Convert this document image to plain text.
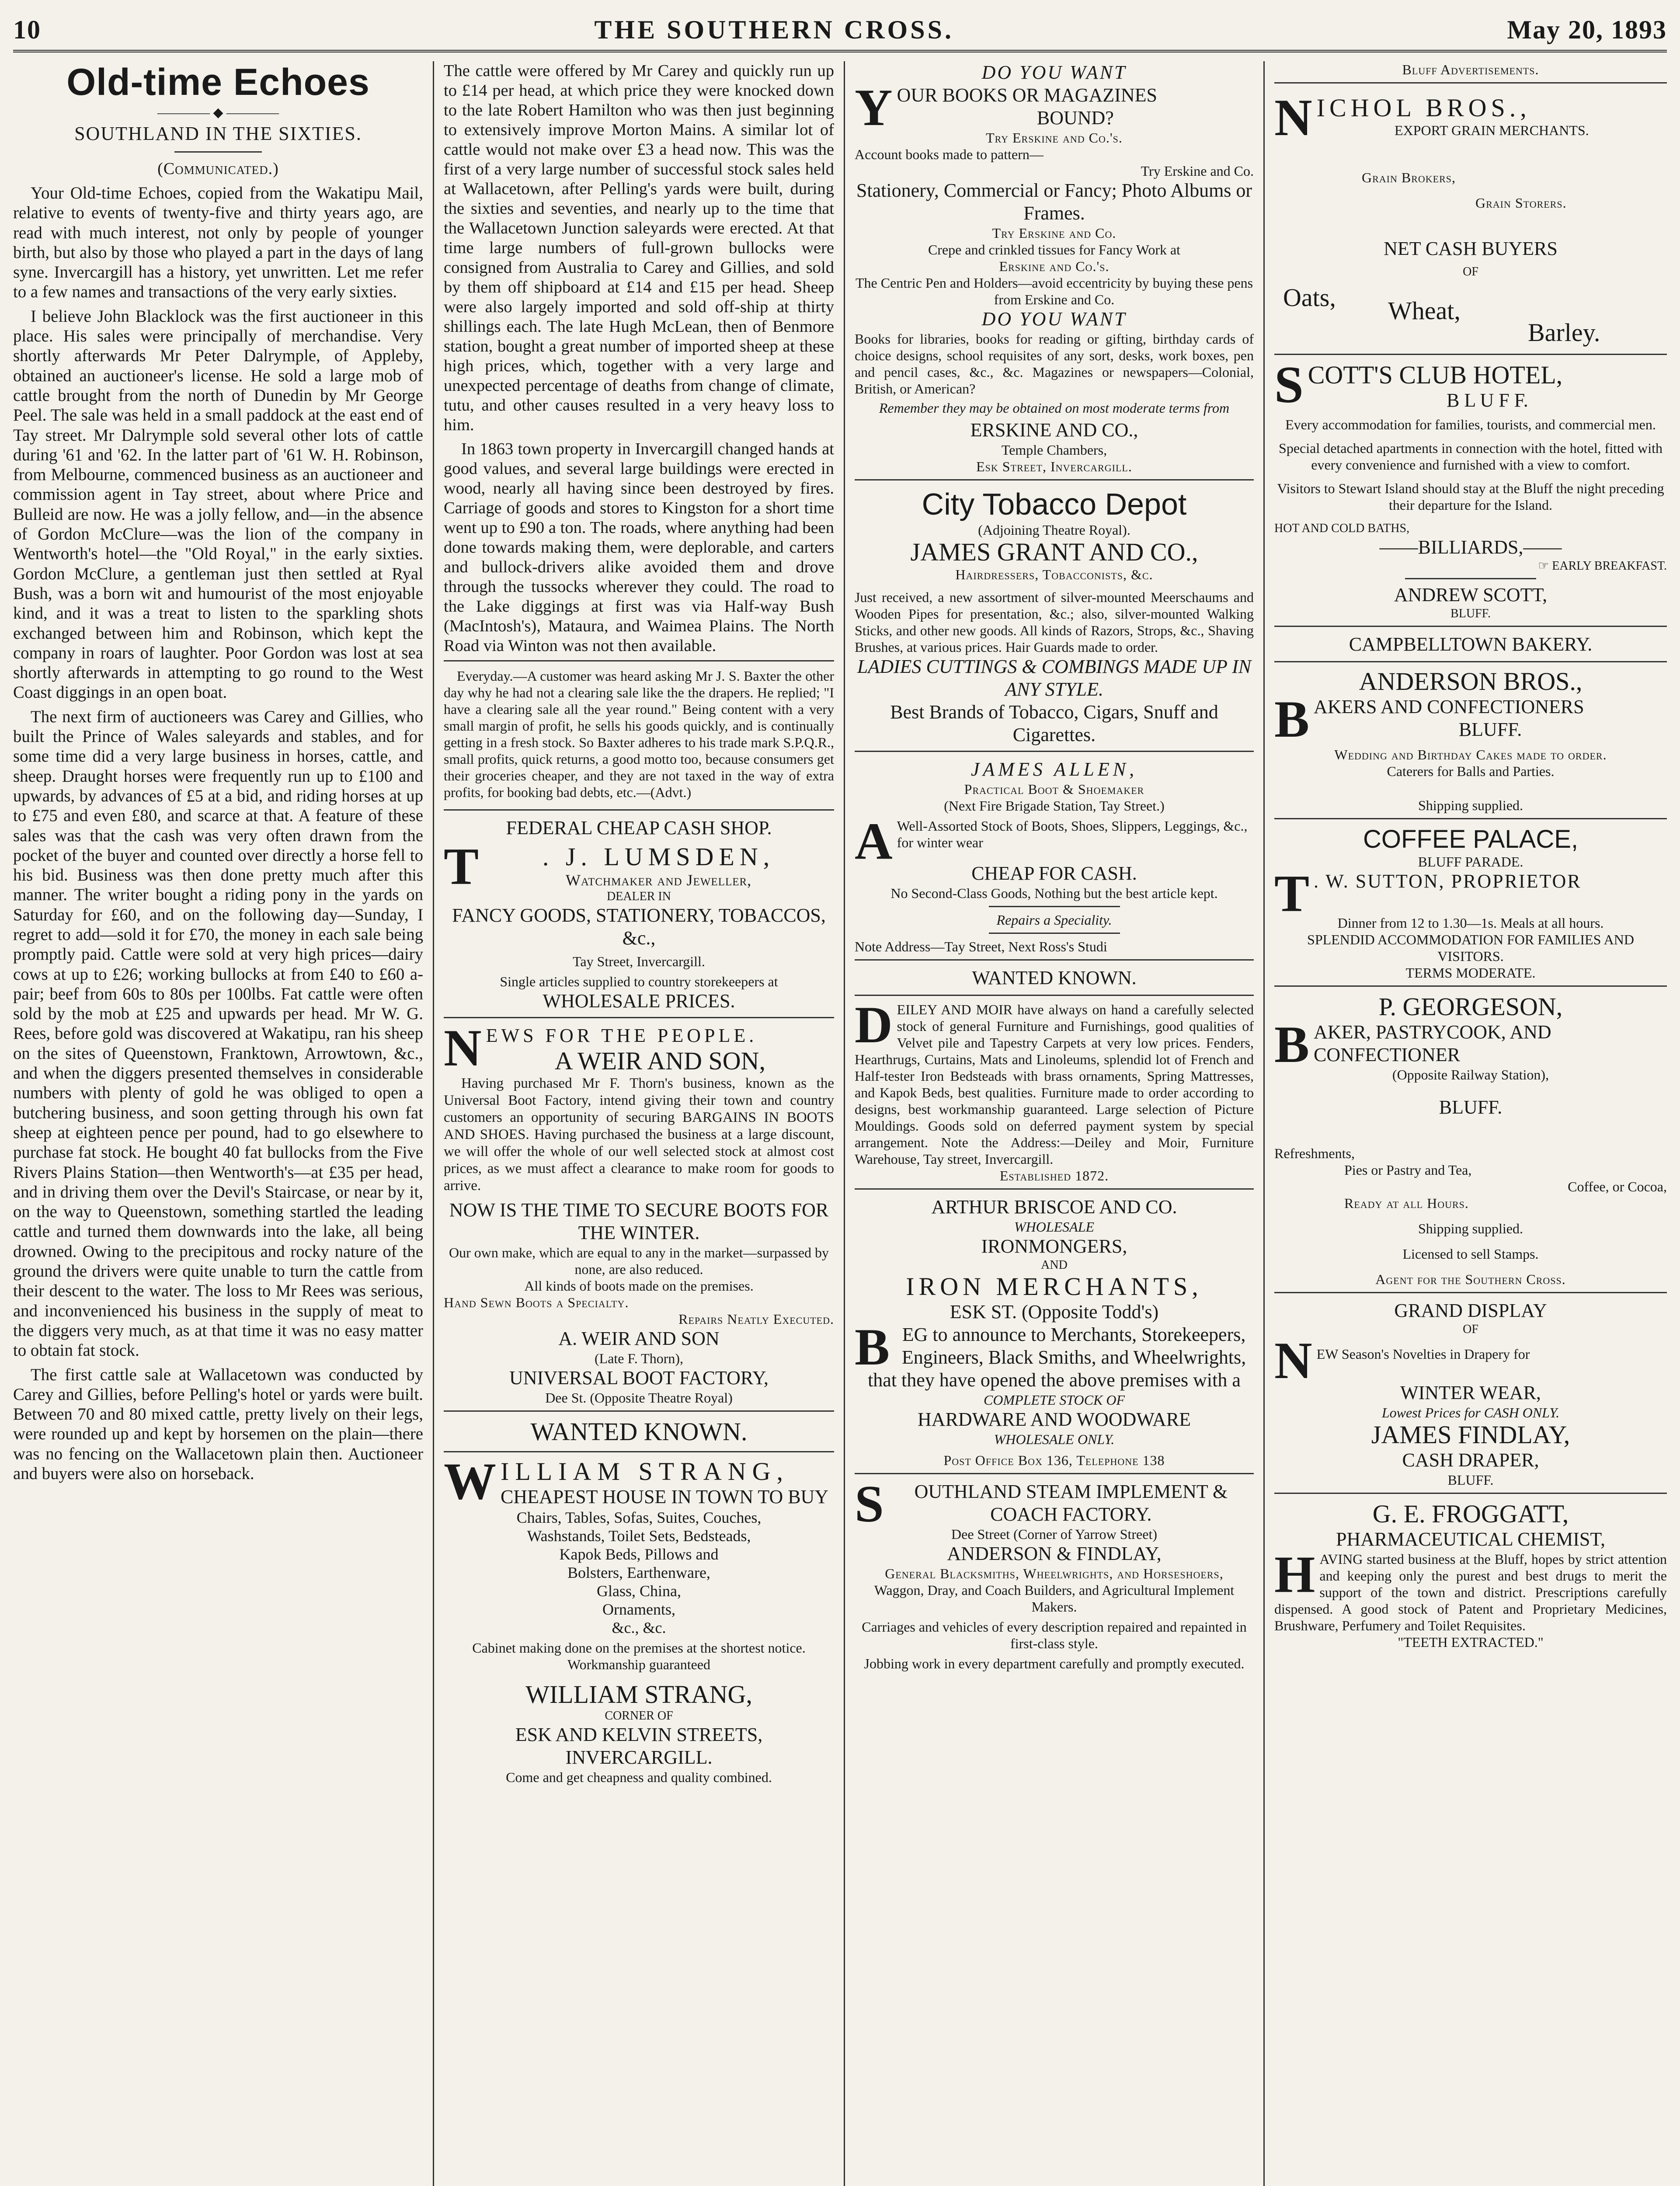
10	THE SOUTHERN CROSS.	May 20, 1893
Old-time Echoes
———— ◆ ————
SOUTHLAND IN THE SIXTIES.
(Communicated.)

Your Old-time Echoes, copied from the Wakatipu Mail, relative to events of twenty-five and thirty years ago, are read with much interest, not only by people of younger birth, but also by those who played a part in the days of lang syne. Invercargill has a history, yet unwritten. Let me refer to a few names and transactions of the very early sixties.

I believe John Blacklock was the first auctioneer in this place. His sales were principally of merchandise. Very shortly afterwards Mr Peter Dalrymple, of Appleby, obtained an auctioneer's license. He sold a large mob of cattle brought from the north of Dunedin by Mr George Peel. The sale was held in a small paddock at the east end of Tay street. Mr Dalrymple sold several other lots of cattle during '61 and '62. In the latter part of '61 W. H. Robinson, from Melbourne, commenced business as an auctioneer and commission agent in Tay street, about where Price and Bulleid are now. He was a jolly fellow, and—in the absence of Gordon McClure—was the lion of the company in Wentworth's hotel—the "Old Royal," in the early sixties. Gordon McClure, a gentleman just then settled at Ryal Bush, was a born wit and humourist of the most enjoyable kind, and it was a treat to listen to the sparkling shots exchanged between him and Robinson, which kept the company in roars of laughter. Poor Gordon was lost at sea shortly afterwards in attempting to go round to the West Coast diggings in an open boat.

The next firm of auctioneers was Carey and Gillies, who built the Prince of Wales saleyards and stables, and for some time did a very large business in horses, cattle, and sheep. Draught horses were frequently run up to £100 and upwards, by advances of £5 at a bid, and riding horses at up to £75 and even £80, and scarce at that. A feature of these sales was that the cash was very often drawn from the pocket of the buyer and counted over directly a horse fell to his bid. Business was then done pretty much after this manner. The writer bought a riding pony in the yards on Saturday for £60, and on the following day—Sunday, I regret to add—sold it for £70, the money in each sale being promptly paid. Cattle were sold at very high prices—dairy cows at up to £26; working bullocks at from £40 to £60 a-pair; beef from 60s to 80s per 100lbs. Fat cattle were often sold by the mob at £25 and upwards per head. Mr W. G. Rees, before gold was discovered at Wakatipu, ran his sheep on the sites of Queenstown, Franktown, Arrowtown, &c., and when the diggers presented themselves in considerable numbers with plenty of gold he was obliged to open a butchering business, and soon getting through his own fat sheep at eighteen pence per pound, had to go elsewhere to purchase fat stock. He bought 40 fat bullocks from the Five Rivers Plains Station—then Wentworth's—at £35 per head, and in driving them over the Devil's Staircase, or near by it, on the way to Queenstown, something startled the leading cattle and turned them downwards into the lake, all being drowned. Owing to the precipitous and rocky nature of the ground the drivers were quite unable to turn the cattle from their descent to the water. The loss to Mr Rees was serious, and inconvenienced his business in the supply of meat to the diggers very much, as at that time it was no easy matter to obtain fat stock.

The first cattle sale at Wallacetown was conducted by Carey and Gillies, before Pelling's hotel or yards were built. Between 70 and 80 mixed cattle, pretty lively on their legs, were rounded up and kept by horsemen on the plain—there was no fencing on the Wallacetown plain then. Auctioneer and buyers were also on horseback.

The cattle were offered by Mr Carey and quickly run up to £14 per head, at which price they were knocked down to the late Robert Hamilton who was then just beginning to extensively improve Morton Mains. A similar lot of cattle would not make over £3 a head now. This was the first of a very large number of successful stock sales held at Wallacetown, after Pelling's yards were built, during the sixties and seventies, and nearly up to the time that the Wallacetown Junction saleyards were erected. At that time large numbers of full-grown bullocks were consigned from Australia to Carey and Gillies, and sold by them off shipboard at £14 and £15 per head. Sheep were also largely imported and sold off-ship at thirty shillings each. The late Hugh McLean, then of Benmore station, bought a great number of imported sheep at these high prices, which, together with a very large and unexpected percentage of deaths from change of climate, tutu, and other causes resulted in a very heavy loss to him.

In 1863 town property in Invercargill changed hands at good values, and several large buildings were erected in wood, nearly all having since been destroyed by fires. Carriage of goods and stores to Kingston for a short time went up to £90 a ton. The roads, where anything had been done towards making them, were deplorable, and carters and bullock-drivers alike avoided them and drove through the tussocks wherever they could. The road to the Lake diggings at first was via Half-way Bush (MacIntosh's), Mataura, and Waimea Plains. The North Road via Winton was not then available.

Everyday.—A customer was heard asking Mr J. S. Baxter the other day why he had not a clearing sale like the the drapers. He replied; "I have a clearing sale all the year round." Being content with a very small margin of profit, he sells his goods quickly, and is continually getting in a fresh stock. So Baxter adheres to his trade mark S.P.Q.R., small profits, quick returns, a good motto too, because consumers get their groceries cheaper, and they are not taxed in the way of extra profits, for booking bad debts, etc.—(Advt.)

FEDERAL CHEAP CASH SHOP.
T	. J. LUMSDEN,
Watchmaker and Jeweller,
DEALER IN
FANCY GOODS, STATIONERY, TOBACCOS, &c.,
Tay Street, Invercargill.
Single articles supplied to country storekeepers at
WHOLESALE PRICES.
N EWS FOR THE PEOPLE.
A WEIR AND SON,

Having purchased Mr F. Thorn's business, known as the Universal Boot Factory, intend giving their town and country customers an opportunity of securing BARGAINS IN BOOTS AND SHOES. Having purchased the business at a large discount, we will offer the whole of our well selected stock at almost cost prices, as we must affect a clearance to make room for goods to arrive.

NOW IS THE TIME TO SECURE BOOTS FOR THE WINTER.
Our own make, which are equal to any in the market—surpassed by none, are also reduced.
All kinds of boots made on the premises.
Hand Sewn Boots a Specialty.
Repairs Neatly Executed.
A. WEIR AND SON
(Late F. Thorn),
UNIVERSAL BOOT FACTORY,
Dee St. (Opposite Theatre Royal)
WANTED KNOWN.
W ILLIAM STRANG,
CHEAPEST HOUSE IN TOWN TO BUY
Chairs, Tables, Sofas, Suites, Couches,
Washstands, Toilet Sets, Bedsteads,
Kapok Beds, Pillows and
Bolsters, Earthenware,
Glass, China,
Ornaments,
&c., &c.
Cabinet making done on the premises at the shortest notice. Workmanship guaranteed
WILLIAM STRANG,
CORNER OF
ESK AND KELVIN STREETS,
INVERCARGILL.
Come and get cheapness and quality combined.
DO YOU WANT
Y OUR BOOKS OR MAGAZINES
BOUND?
Try Erskine and Co.'s.
Account books made to pattern—
Try Erskine and Co.
Stationery, Commercial or Fancy; Photo Albums or Frames.
Try Erskine and Co.
Crepe and crinkled tissues for Fancy Work at
Erskine and Co.'s.
The Centric Pen and Holders—avoid eccentricity by buying these pens from Erskine and Co.
DO YOU WANT
Books for libraries, books for reading or gifting, birthday cards of choice designs, school requisites of any sort, desks, work boxes, pen and pencil cases, &c., &c. Magazines or newspapers—Colonial, British, or American?
Remember they may be obtained on most moderate terms from
ERSKINE AND CO.,
Temple Chambers,
Esk Street, Invercargill.
City Tobacco Depot
(Adjoining Theatre Royal).
JAMES GRANT AND CO.,
Hairdressers, Tobacconists, &c.
Just received, a new assortment of silver-mounted Meerschaums and Wooden Pipes for presentation, &c.; also, silver-mounted Walking Sticks, and other new goods. All kinds of Razors, Strops, &c., Shaving Brushes, at various prices. Hair Guards made to order.
LADIES CUTTINGS & COMBINGS MADE UP IN ANY STYLE.
Best Brands of Tobacco, Cigars, Snuff and Cigarettes.
JAMES ALLEN,
Practical Boot & Shoemaker
(Next Fire Brigade Station, Tay Street.)
A Well-Assorted Stock of Boots, Shoes, Slippers, Leggings, &c., for winter wear
CHEAP FOR CASH.
No Second-Class Goods, Nothing but the best article kept.
Repairs a Speciality.
Note Address—Tay Street, Next Ross's Studi
WANTED KNOWN.
D EILEY AND MOIR have always on hand a carefully selected stock of general Furniture and Furnishings, good qualities of Velvet pile and Tapestry Carpets at very low prices. Fenders, Hearthrugs, Curtains, Mats and Linoleums, splendid lot of French and Half-tester Iron Bedsteads with brass ornaments, Spring Mattresses, and Kapok Beds, best qualities. Furniture made to order according to designs, best workmanship guaranteed. Large selection of Picture Mouldings. Goods sold on deferred payment system by special arrangement. Note the Address:—Deiley and Moir, Furniture Warehouse, Tay street, Invercargill.
Established 1872.
ARTHUR BRISCOE AND CO.
WHOLESALE
IRONMONGERS,
AND
IRON MERCHANTS,
ESK ST. (Opposite Todd's)
B EG to announce to Merchants, Storekeepers, Engineers, Black Smiths, and Wheelwrights, that they have opened the above premises with a
COMPLETE STOCK OF
HARDWARE AND WOODWARE
WHOLESALE ONLY.
Post Office Box 136, Telephone 138
S	OUTHLAND STEAM IMPLEMENT & COACH FACTORY.
Dee Street (Corner of Yarrow Street)
ANDERSON & FINDLAY,
General Blacksmiths, Wheelwrights, and Horseshoers,
Waggon, Dray, and Coach Builders, and Agricultural Implement Makers.
Carriages and vehicles of every description repaired and repainted in first-class style.
Jobbing work in every department carefully and promptly executed.
Bluff Advertisements.
N ICHOL BROS.,
EXPORT GRAIN MERCHANTS.
Grain Brokers,
Grain Storers.
NET CASH BUYERS
OF
Oats, Wheat,
Barley.
S COTT'S CLUB HOTEL,
B L U F F.
Every accommodation for families, tourists, and commercial men.
Special detached apartments in connection with the hotel, fitted with every convenience and furnished with a view to comfort.
Visitors to Stewart Island should stay at the Bluff the night preceding their departure for the Island.
HOT AND COLD BATHS,
——BILLIARDS,——
☞ EARLY BREAKFAST.
ANDREW SCOTT,
BLUFF.
CAMPBELLTOWN BAKERY.
ANDERSON BROS.,
B AKERS AND CONFECTIONERS
BLUFF.
Wedding and Birthday Cakes made to order.
Caterers for Balls and Parties.
Shipping supplied.
COFFEE PALACE,
BLUFF PARADE.
T . W. SUTTON, PROPRIETOR
Dinner from 12 to 1.30—1s. Meals at all hours.
SPLENDID ACCOMMODATION FOR FAMILIES AND VISITORS.
TERMS MODERATE.
P. GEORGESON,
B AKER, PASTRYCOOK, AND CONFECTIONER
(Opposite Railway Station),
BLUFF.
Refreshments,
Pies or Pastry and Tea,
Coffee, or Cocoa,
Ready at all Hours.
Shipping supplied.
Licensed to sell Stamps.
Agent for the Southern Cross.
GRAND DISPLAY
OF
N EW Season's Novelties in Drapery for
WINTER WEAR,
Lowest Prices for CASH ONLY.
JAMES FINDLAY,
CASH DRAPER,
BLUFF.
G. E. FROGGATT,
PHARMACEUTICAL CHEMIST,
H AVING started business at the Bluff, hopes by strict attention and keeping only the purest and best drugs to merit the support of the town and district. Prescriptions carefully dispensed. A good stock of Patent and Proprietary Medicines, Brushware, Perfumery and Toilet Requisites.
"TEETH EXTRACTED."
